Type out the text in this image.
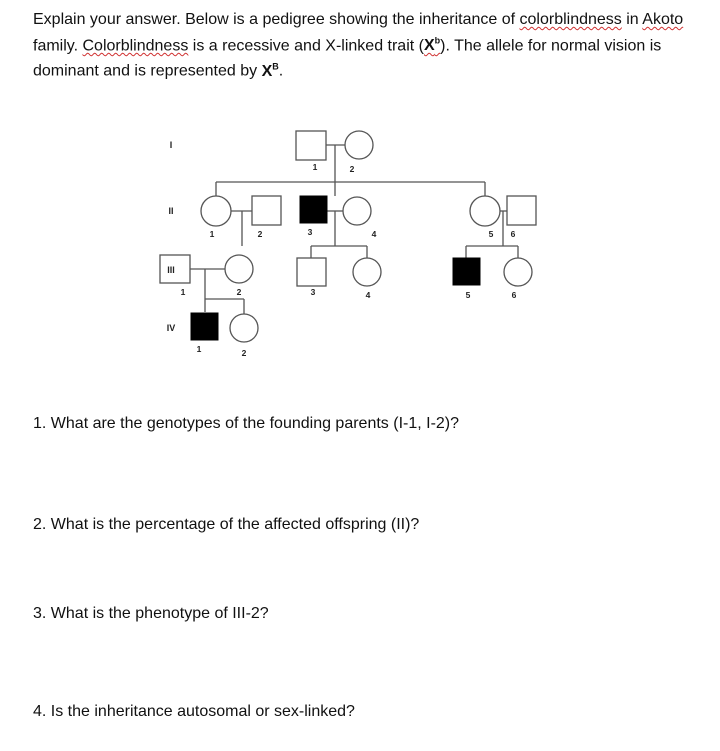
Explain your answer. Below is a pedigree showing the inheritance of colorblindness in Akoto family. Colorblindness is a recessive and X-linked trait $(X^b)$. The allele for normal vision is dominant and is represented by $X^B$.
I
II
III
IV
1	2
1	2	3	4	5 6
1	2	3	4	5	6
1	2
1. What are the genotypes of the founding parents (I-1, I-2)?
2. What is the percentage of the affected offspring (II)?
3. What is the phenotype of III-2?
4. Is the inheritance autosomal or sex-linked?
